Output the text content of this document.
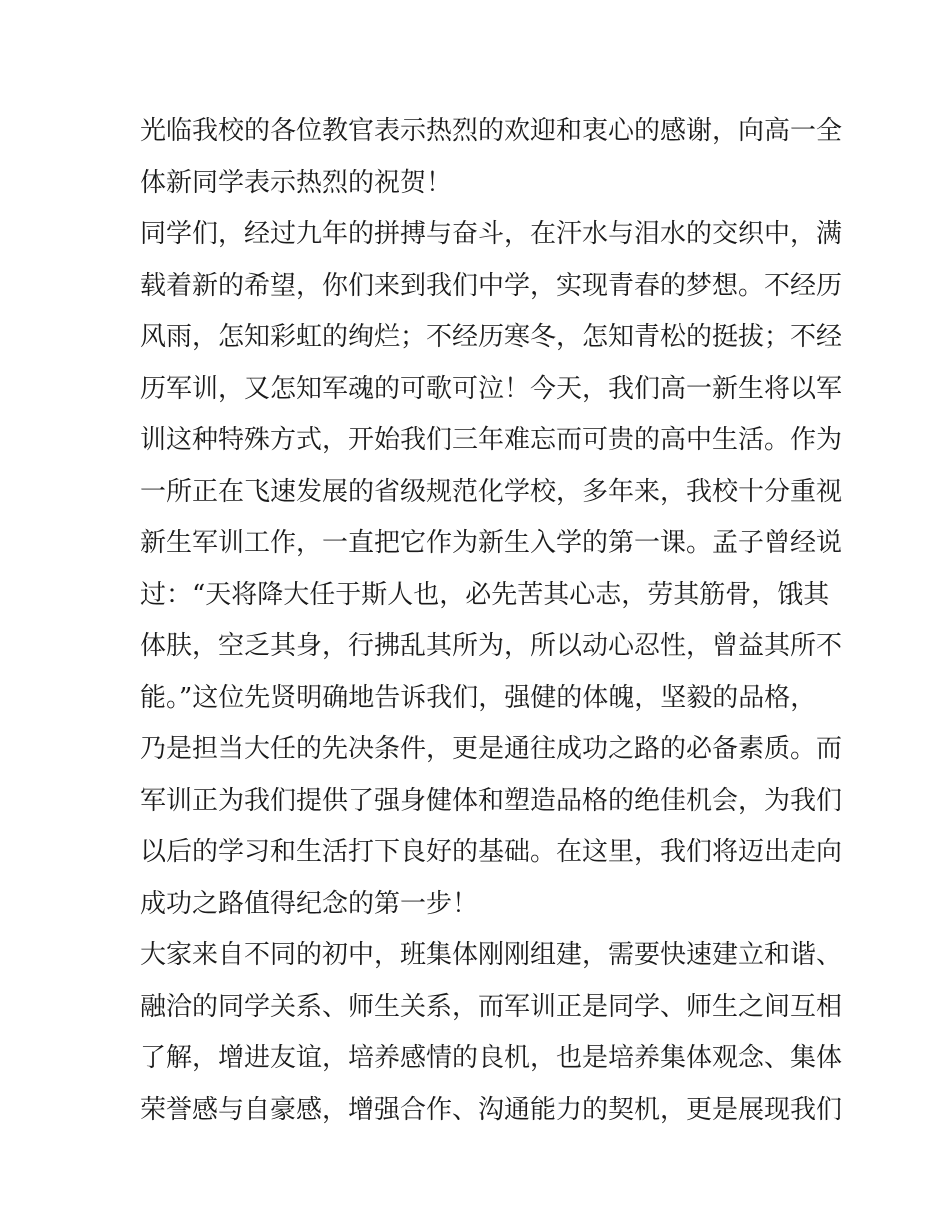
光临我校的各位教官表示热烈的欢迎和衷心的感谢，向高一全
体新同学表示热烈的祝贺！
同学们，经过九年的拼搏与奋斗，在汗水与泪水的交织中，满
载着新的希望，你们来到我们中学，实现青春的梦想。不经历
风雨，怎知彩虹的绚烂；不经历寒冬，怎知青松的挺拔；不经
历军训，又怎知军魂的可歌可泣！今天，我们高一新生将以军
训这种特殊方式，开始我们三年难忘而可贵的高中生活。作为
一所正在飞速发展的省级规范化学校，多年来，我校十分重视
新生军训工作，一直把它作为新生入学的第一课。孟子曾经说
过：“天将降大任于斯人也，必先苦其心志，劳其筋骨，饿其
体肤，空乏其身，行拂乱其所为，所以动心忍性，曾益其所不
能。”这位先贤明确地告诉我们，强健的体魄，坚毅的品格，
乃是担当大任的先决条件，更是通往成功之路的必备素质。而
军训正为我们提供了强身健体和塑造品格的绝佳机会，为我们
以后的学习和生活打下良好的基础。在这里，我们将迈出走向
成功之路值得纪念的第一步！
大家来自不同的初中，班集体刚刚组建，需要快速建立和谐、
融洽的同学关系、师生关系，而军训正是同学、师生之间互相
了解，增进友谊，培养感情的良机，也是培养集体观念、集体
荣誉感与自豪感，增强合作、沟通能力的契机，更是展现我们
